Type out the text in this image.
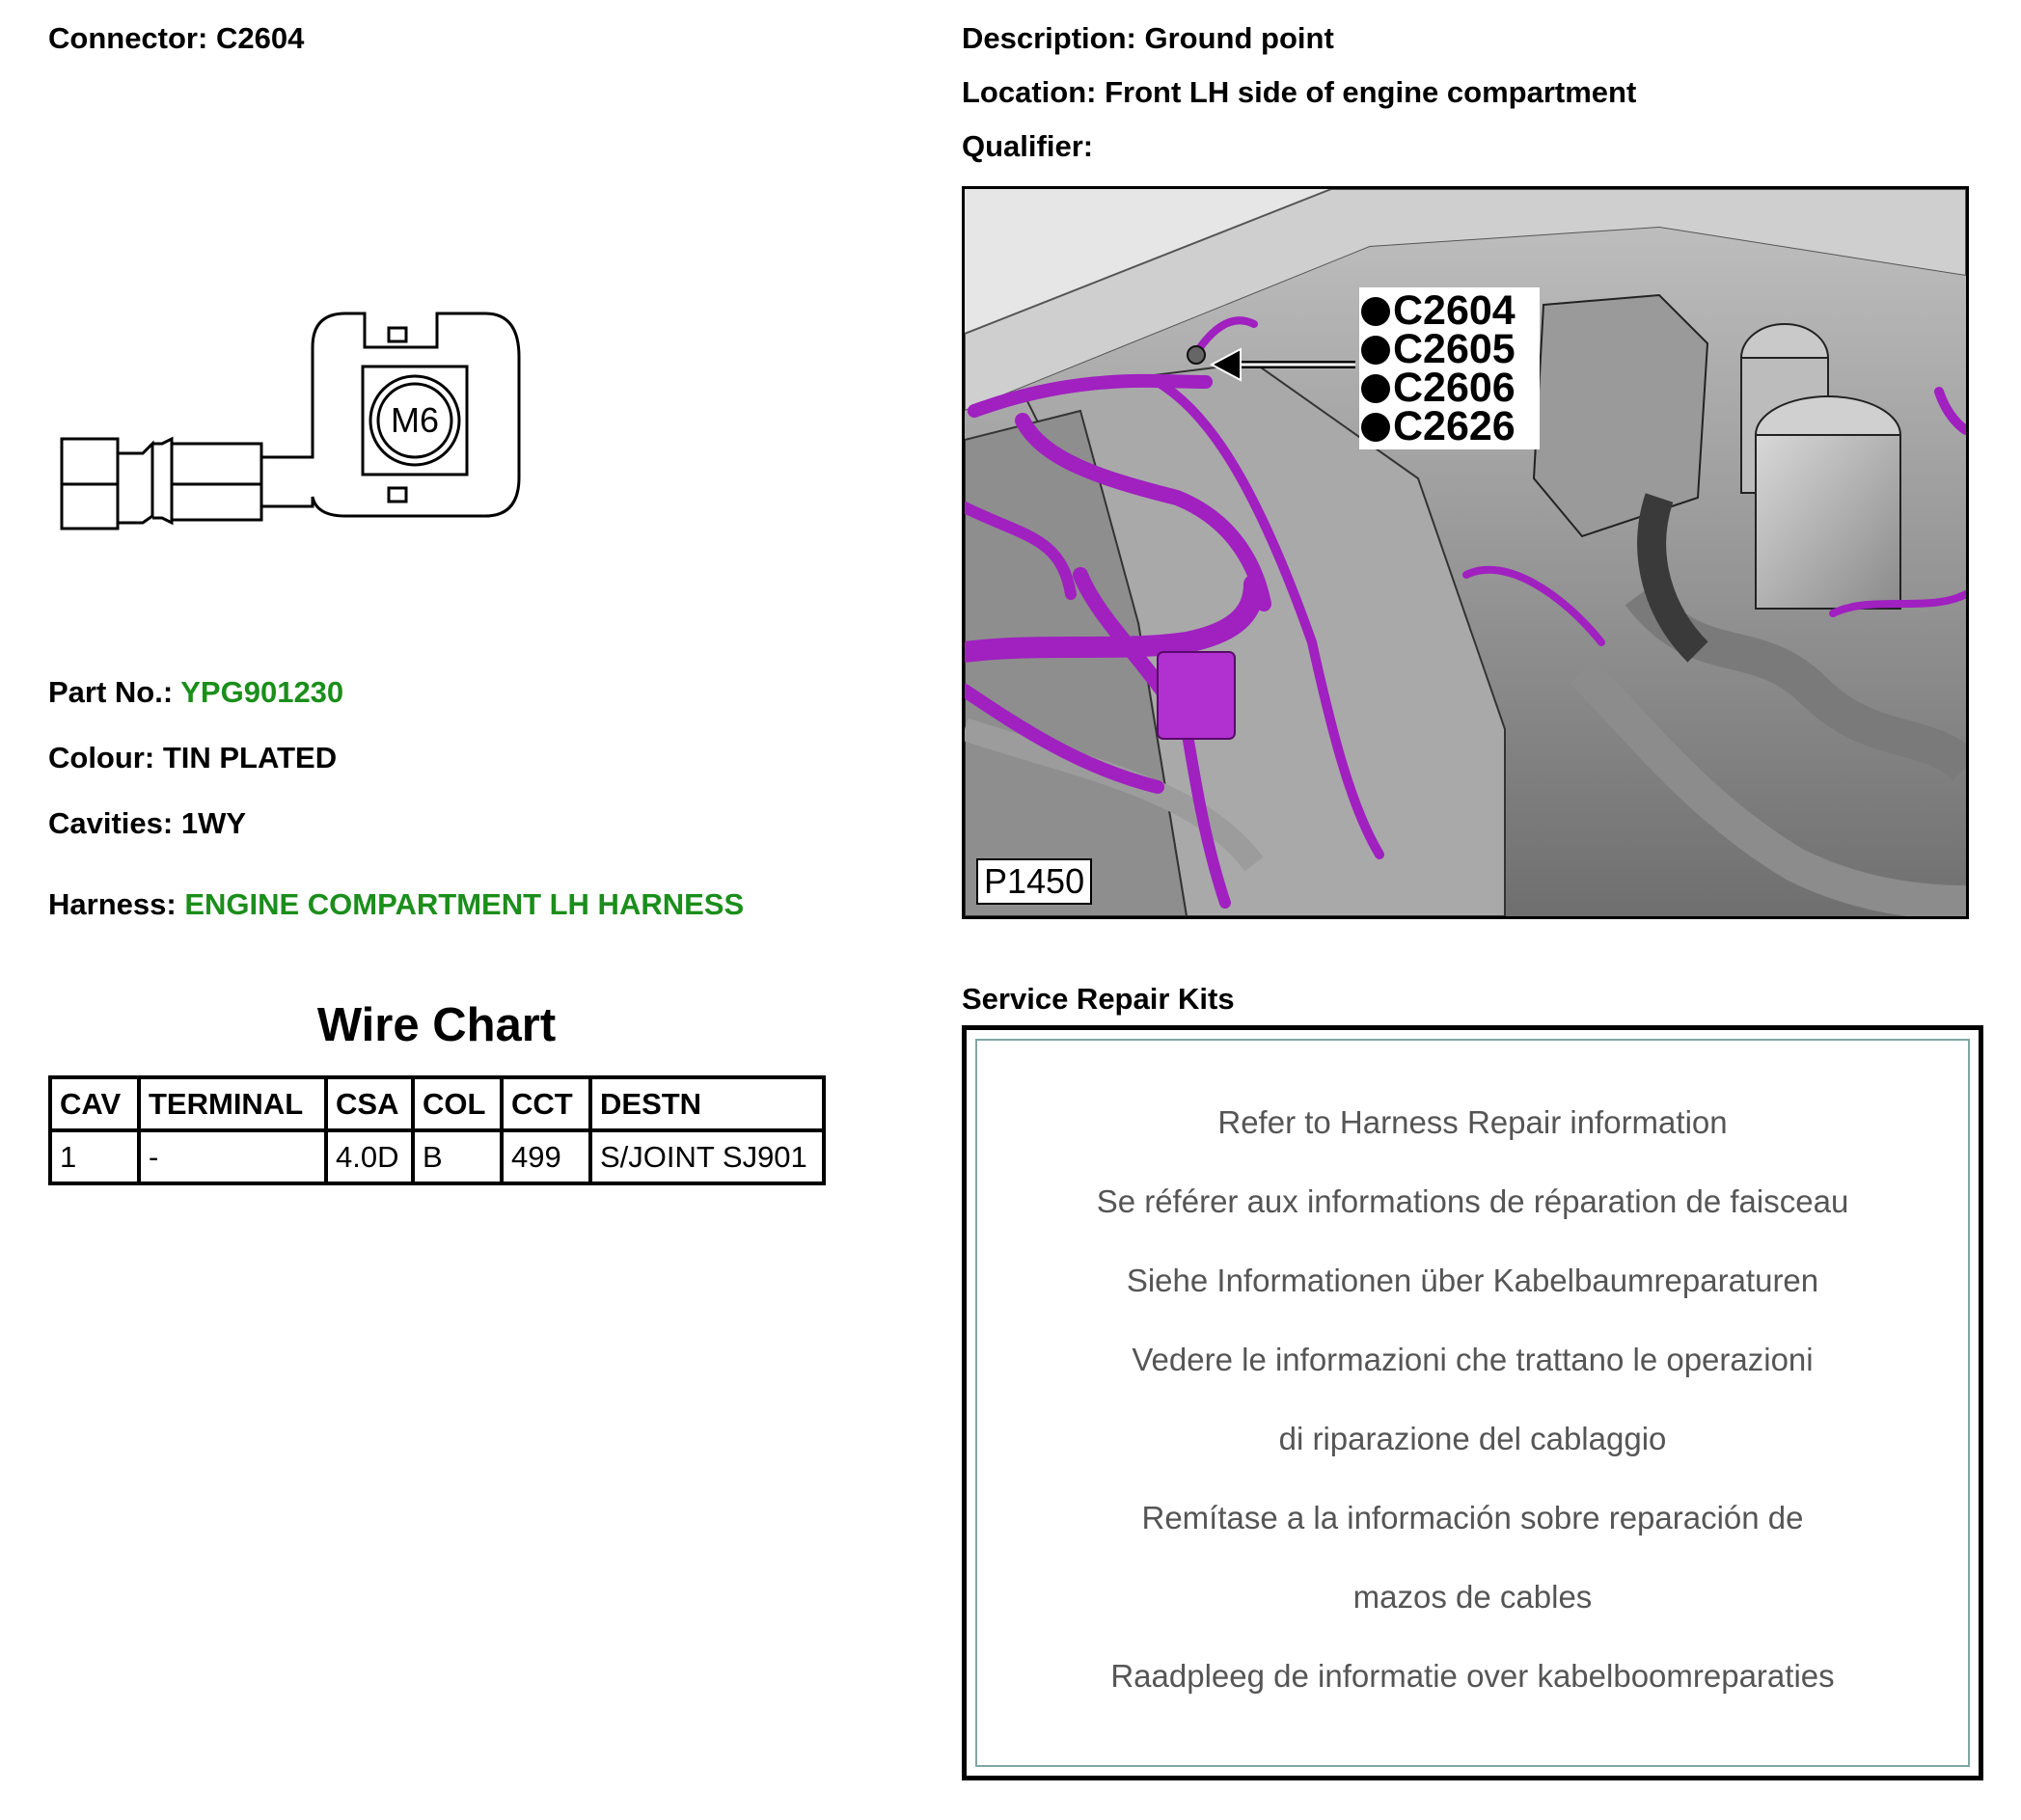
Connector: C2604	Description: Ground point
Location: Front LH side of engine compartment
Qualifier:
M6
Part No.: YPG901230
Colour: TIN PLATED
Cavities: 1WY
Harness: ENGINE COMPARTMENT LH HARNESS
Wire Chart
CAV	TERMINAL	CSA	COL	CCT	DESTN
1	-	4.0D	B	499	S/JOINT SJ901
C2604
C2605
C2606
C2626
P1450
Service Repair Kits
Refer to Harness Repair information
Se référer aux informations de réparation de faisceau
Siehe Informationen über Kabelbaumreparaturen
Vedere le informazioni che trattano le operazioni
di riparazione del cablaggio
Remítase a la información sobre reparación de
mazos de cables
Raadpleeg de informatie over kabelboomreparaties
